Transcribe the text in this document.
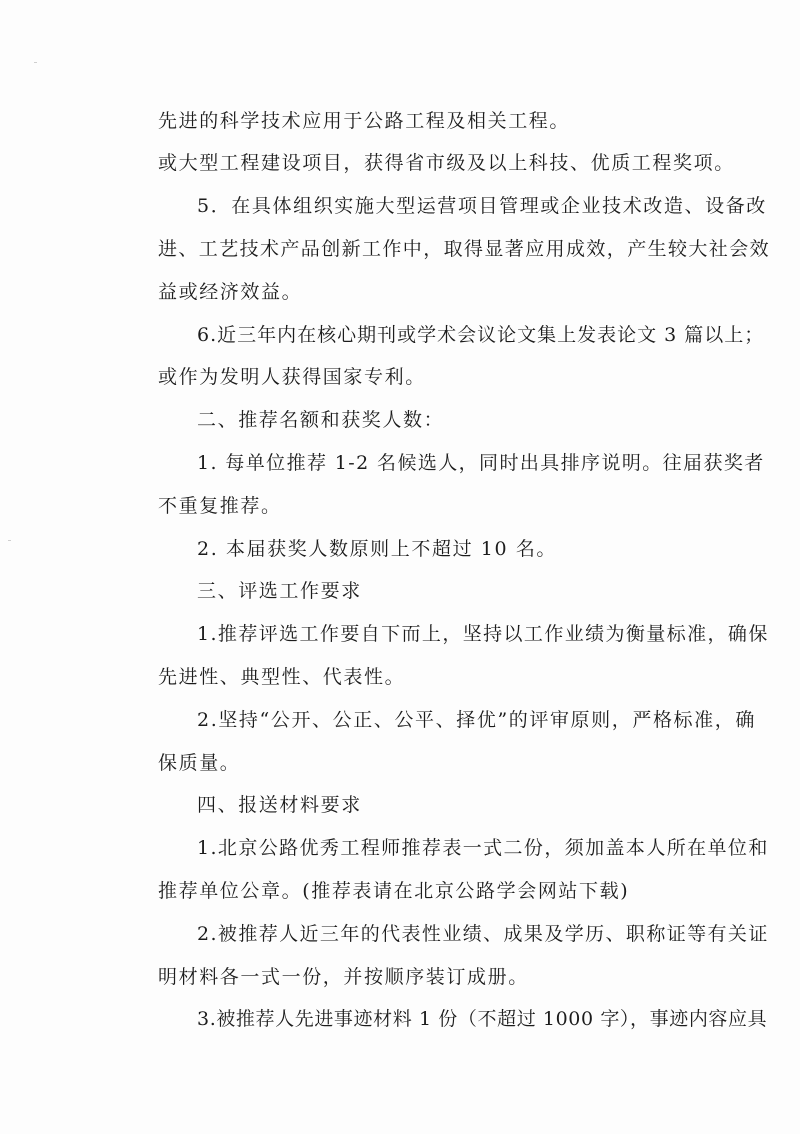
先进的科学技术应用于公路工程及相关工程。
或大型工程建设项目，获得省市级及以上科技、优质工程奖项。
5．在具体组织实施大型运营项目管理或企业技术改造、设备改
进、工艺技术产品创新工作中，取得显著应用成效，产生较大社会效
益或经济效益。
6.近三年内在核心期刊或学术会议论文集上发表论文 3 篇以上；
或作为发明人获得国家专利。
二、推荐名额和获奖人数：
1. 每单位推荐 1-2 名候选人，同时出具排序说明。往届获奖者
不重复推荐。
2. 本届获奖人数原则上不超过 10 名。
三、评选工作要求
1.推荐评选工作要自下而上，坚持以工作业绩为衡量标准，确保
先进性、典型性、代表性。
2.坚持“公开、公正、公平、择优”的评审原则，严格标准，确
保质量。
四、报送材料要求
1.北京公路优秀工程师推荐表一式二份，须加盖本人所在单位和
推荐单位公章。(推荐表请在北京公路学会网站下载)
2.被推荐人近三年的代表性业绩、成果及学历、职称证等有关证
明材料各一式一份，并按顺序装订成册。
3.被推荐人先进事迹材料 1 份（不超过 1000 字），事迹内容应具
